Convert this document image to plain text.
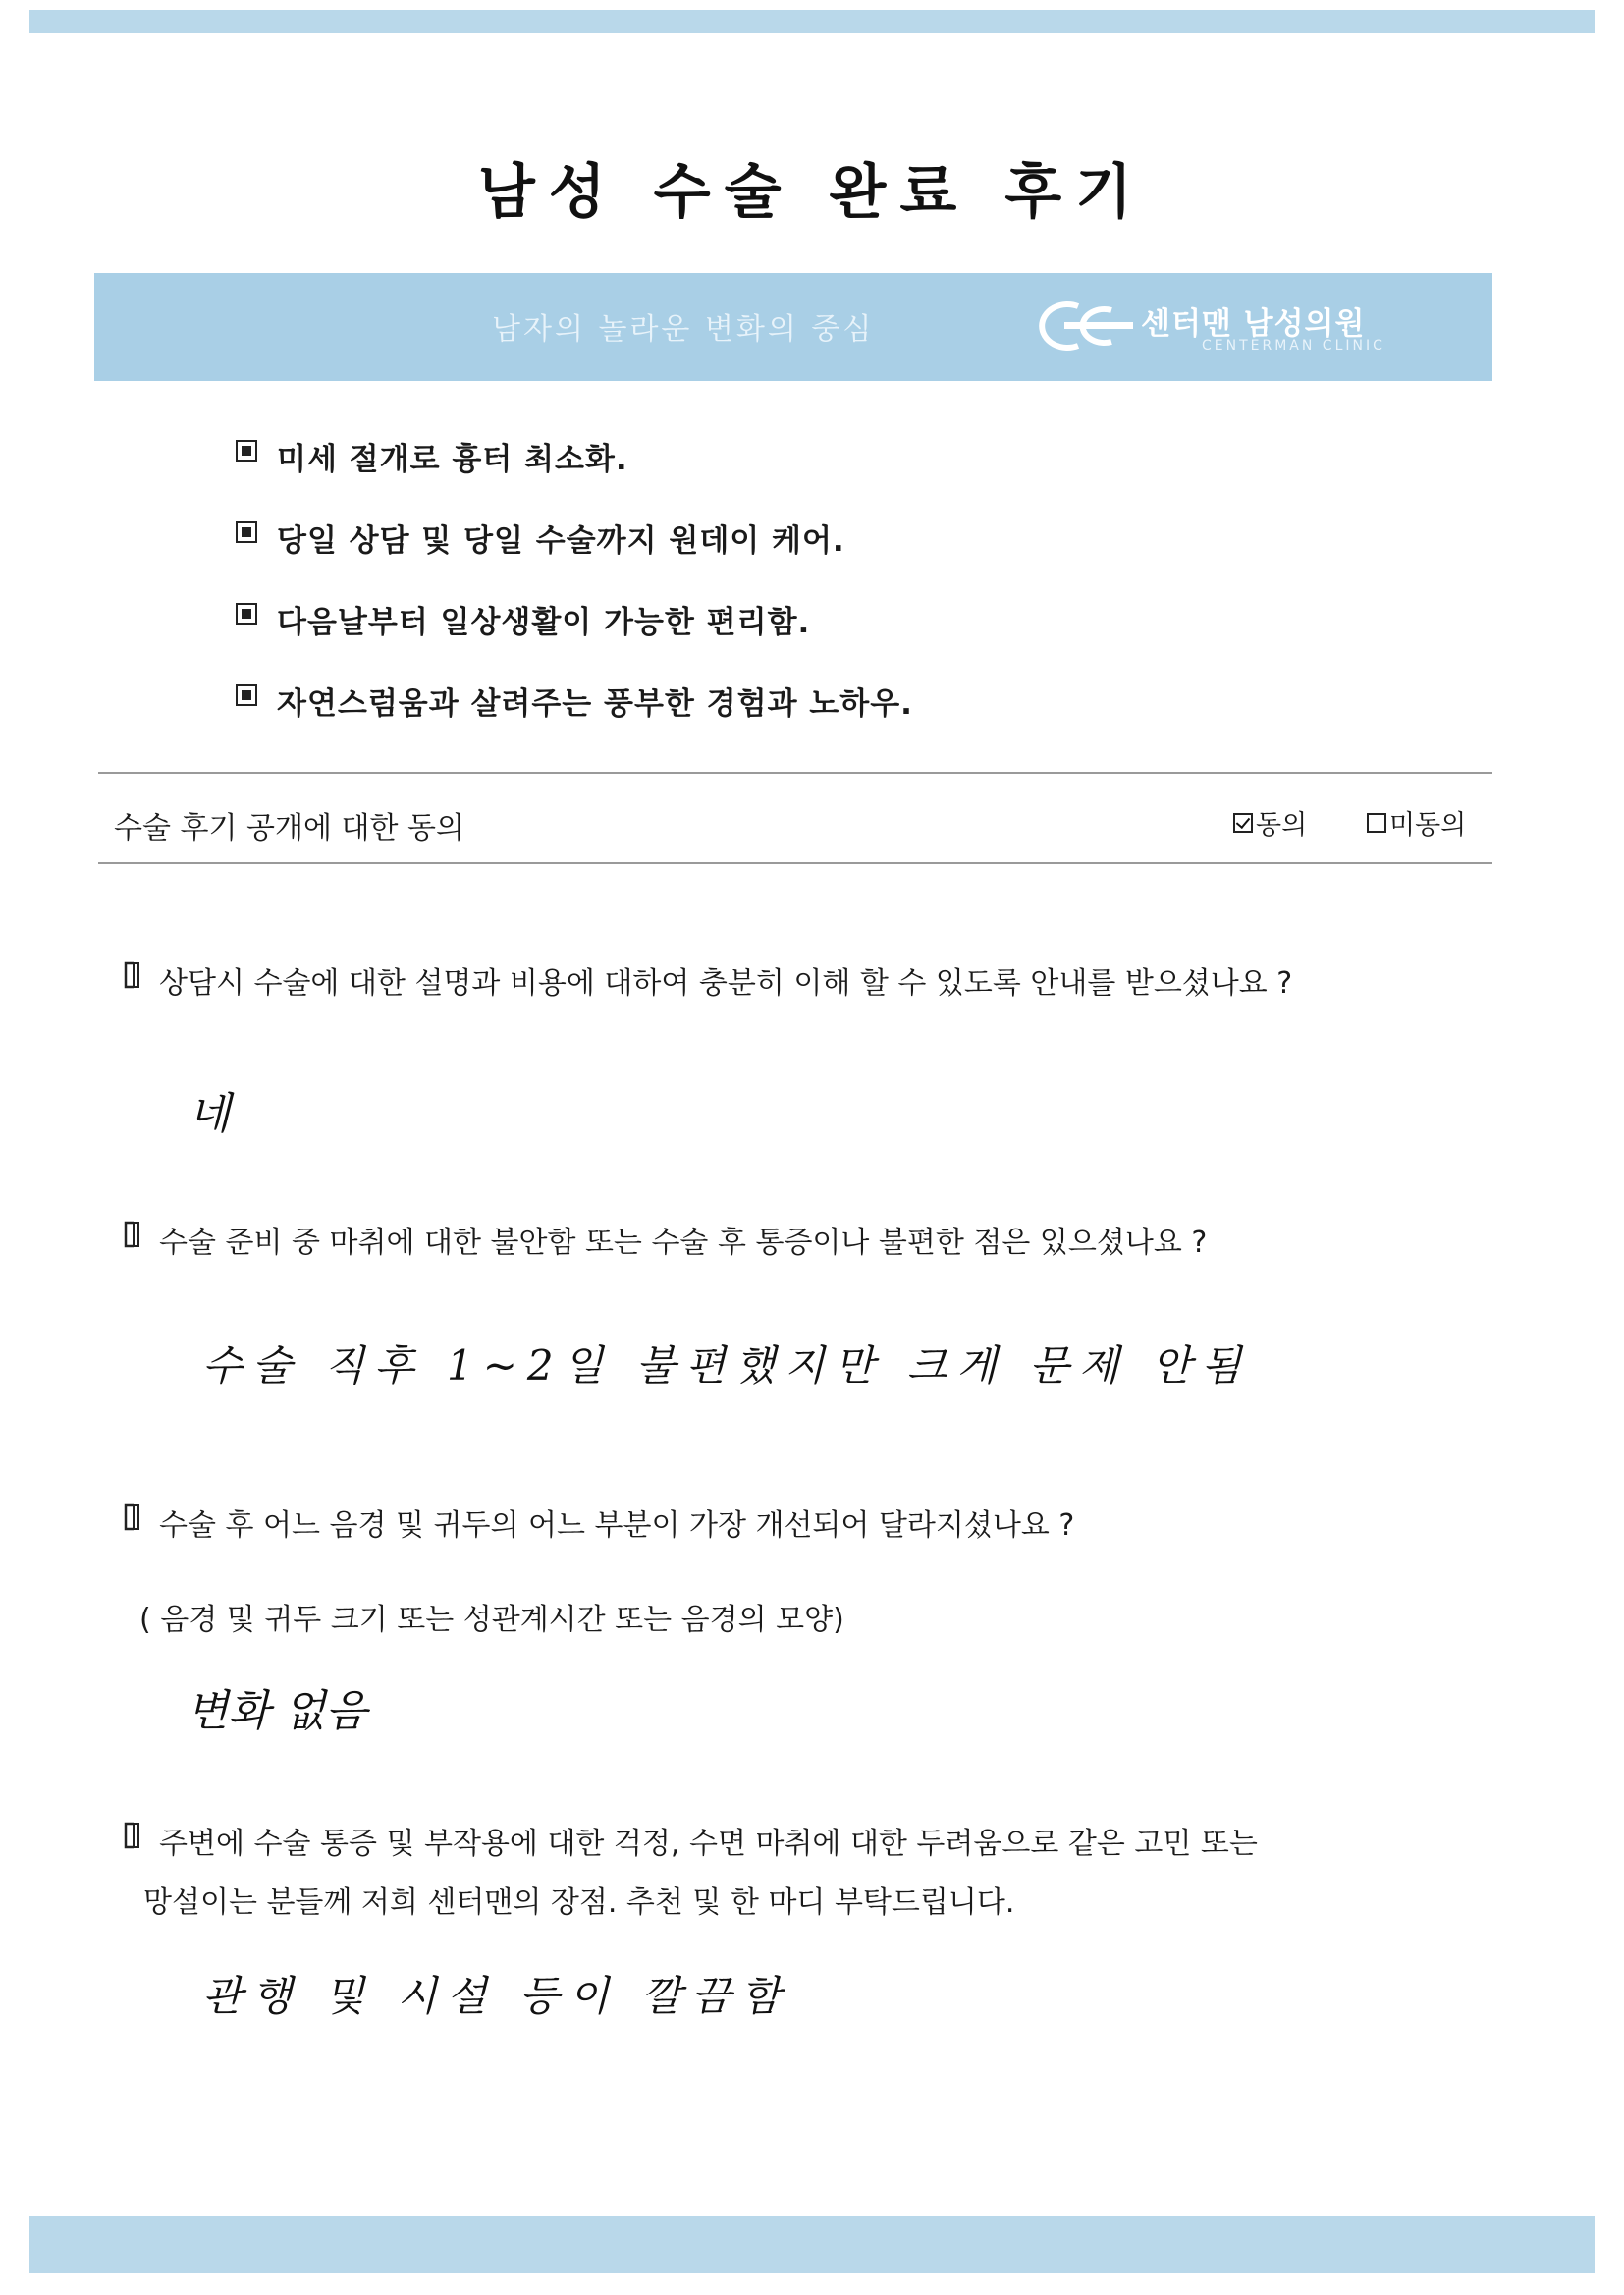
남성 수술 완료 후기
남자의 놀라운 변화의 중심	센터맨 남성의원
CENTERMAN CLINIC
미세 절개로 흉터 최소화.
당일 상담 및 당일 수술까지 원데이 케어.
다음날부터 일상생활이 가능한 편리함.
자연스럼움과 살려주는 풍부한 경험과 노하우.
수술 후기 공개에 대한 동의	동의	미동의
상담시 수술에 대한 설명과 비용에 대하여 충분히 이해 할 수 있도록 안내를 받으셨나요 ?
네
수술 준비 중 마취에 대한 불안함 또는 수술 후 통증이나 불편한 점은 있으셨나요 ?
수술 직후 1~2일 불편했지만 크게 문제 안됨
수술 후 어느 음경 및 귀두의 어느 부분이 가장 개선되어 달라지셨나요 ?
( 음경 및 귀두 크기 또는 성관계시간 또는 음경의 모양)
변화 없음
주변에 수술 통증 및 부작용에 대한 걱정, 수면 마취에 대한 두려움으로 같은 고민 또는
망설이는 분들께 저희 센터맨의 장점. 추천 및 한 마디 부탁드립니다.
관행 및 시설 등이 깔끔함
